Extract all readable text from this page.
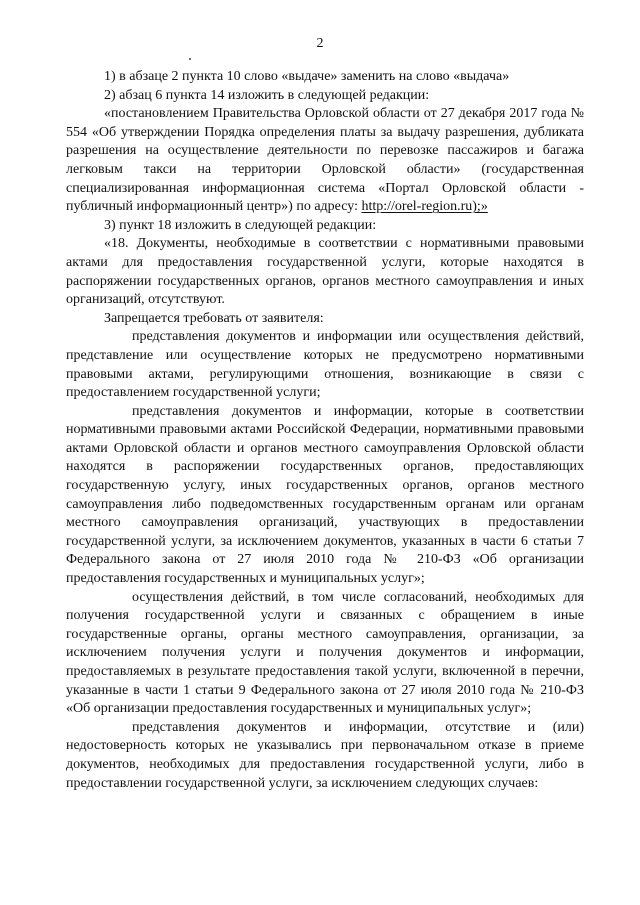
2

1) в абзаце 2 пункта 10 слово «выдаче» заменить на слово «выдача»

2) абзац 6 пункта 14 изложить в следующей редакции:

«постановлением Правительства Орловской области от 27 декабря 2017 года № 554 «Об утверждении Порядка определения платы за выдачу разрешения, дубликата разрешения на осуществление деятельности по перевозке пассажиров и багажа легковым такси на территории Орловской области» (государственная специализированная информационная система «Портал Орловской области - публичный информационный центр») по адресу: http://orel-region.ru);»

3) пункт 18 изложить в следующей редакции:

«18. Документы, необходимые в соответствии с нормативными правовыми актами для предоставления государственной услуги, которые находятся в распоряжении государственных органов, органов местного самоуправления и иных организаций, отсутствуют.

Запрещается требовать от заявителя:

представления документов и информации или осуществления действий, представление или осуществление которых не предусмотрено нормативными правовыми актами, регулирующими отношения, возникающие в связи с предоставлением государственной услуги;

представления документов и информации, которые в соответствии нормативными правовыми актами Российской Федерации, нормативными правовыми актами Орловской области и органов местного самоуправления Орловской области находятся в распоряжении государственных органов, предоставляющих государственную услугу, иных государственных органов, органов местного самоуправления либо подведомственных государственным органам или органам местного самоуправления организаций, участвующих в предоставлении государственной услуги, за исключением документов, указанных в части 6 статьи 7 Федерального закона от 27 июля 2010 года № 210-ФЗ «Об организации предоставления государственных и муниципальных услуг»;

осуществления действий, в том числе согласований, необходимых для получения государственной услуги и связанных с обращением в иные государственные органы, органы местного самоуправления, организации, за исключением получения услуги и получения документов и информации, предоставляемых в результате предоставления такой услуги, включенной в перечни, указанные в части 1 статьи 9 Федерального закона от 27 июля 2010 года № 210-ФЗ «Об организации предоставления государственных и муниципальных услуг»;

представления документов и информации, отсутствие и (или) недостоверность которых не указывались при первоначальном отказе в приеме документов, необходимых для предоставления государственной услуги, либо в предоставлении государственной услуги, за исключением следующих случаев:
